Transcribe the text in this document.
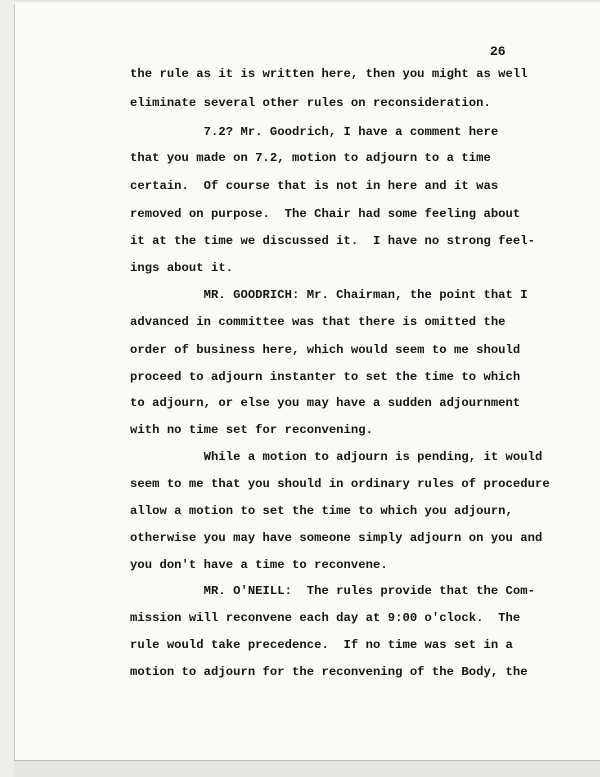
26
the rule as it is written here, then you might as well
eliminate several other rules on reconsideration.
7.2? Mr. Goodrich, I have a comment here
that you made on 7.2, motion to adjourn to a time
certain.  Of course that is not in here and it was
removed on purpose.  The Chair had some feeling about
it at the time we discussed it.  I have no strong feel-
ings about it.
MR. GOODRICH: Mr. Chairman, the point that I
advanced in committee was that there is omitted the
order of business here, which would seem to me should
proceed to adjourn instanter to set the time to which
to adjourn, or else you may have a sudden adjournment
with no time set for reconvening.
While a motion to adjourn is pending, it would
seem to me that you should in ordinary rules of procedure
allow a motion to set the time to which you adjourn,
otherwise you may have someone simply adjourn on you and
you don't have a time to reconvene.
MR. O'NEILL:  The rules provide that the Com-
mission will reconvene each day at 9:00 o'clock.  The
rule would take precedence.  If no time was set in a
motion to adjourn for the reconvening of the Body, the
